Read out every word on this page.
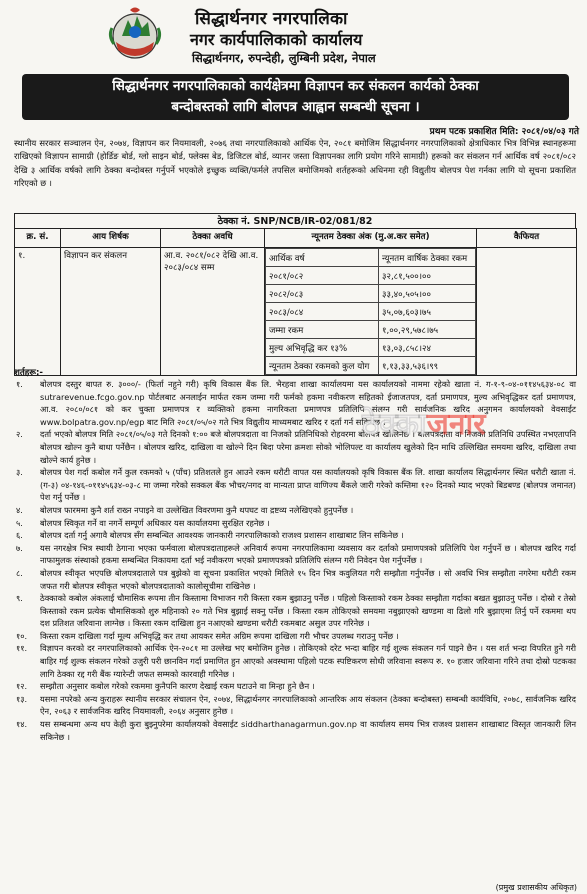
सिद्धार्थनगर नगरपालिका
नगर कार्यपालिकाको कार्यालय
सिद्धार्थनगर, रुपन्देही, लुम्बिनी प्रदेश, नेपाल
सिद्धार्थनगर नगरपालिकाको कार्यक्षेत्रमा विज्ञापन कर संकलन कार्यको ठेक्का
बन्दोबस्तको लागि बोलपत्र आह्वान सम्बन्धी सूचना ।
प्रथम पटक प्रकाशित मिति: २०८१/०४/०३ गते
स्थानीय सरकार सञ्चालन ऐन, २०७४, विज्ञापन कर नियमावली, २०७६ तथा नगरपालिकाको आर्थिक ऐन, २०८१ बमोजिम सिद्धार्थनगर नगरपालिकाको क्षेत्राधिकार भित्र विभिन्न स्थानहरूमा राखिएको विज्ञापन सामाग्री (होर्डिङ बोर्ड, ग्लो साइन बोर्ड, फ्लेक्स बेड, डिजिटल बोर्ड, व्यानर जस्ता विज्ञापनका लागि प्रयोग गरिने सामाग्री) हरूको कर संकलन गर्न आर्थिक वर्ष २०८१/०८२ देखि ३ आर्थिक वर्षको लागि ठेक्का बन्दोबस्त गर्नुपर्ने भएकोले इच्छुक व्यक्ति/फर्मले तपसिल बमोजिमको शर्तहरूको अधिनमा रही विद्युतीय बोलपत्र पेश गर्नका लागि यो सूचना प्रकाशित गरिएको छ ।
ठेक्का नं. SNP/NCB/IR-02/081/82
क्र. सं.	आय शिर्षक	ठेक्का अवधि	न्यूनतम ठेक्का अंक (मु.अ.कर समेत)	कैफियत
१.	विज्ञापन कर संकलन	आ.व. २०८१/०८२ देखि आ.व. २०८३/०८४ सम्म	
आर्थिक वर्ष	न्यूनतम वार्षिक ठेक्का रकम
२०८१/०८२	३२,८१,५००।००
२०८२/०८३	३३,४०,५०५।००
२०८३/०८४	३५,०७,६०३।७५
जम्मा रकम	१,००,२९,५७८।७५
मुल्य अभिवृद्धि कर १३%	१३,०३,८५८।२४
न्यूनतम ठेक्का रकमको कुल योग	१,१३,३३,५३६।९९

शर्तहरू:-
१.	बोलपत्र दस्तुर बापत रु. ३०००/- (फिर्ता नहुने गरी) कृषि विकास बैंक लि. भैरहवा शाखा कार्यालयमा यस कार्यालयको नाममा रहेको खाता नं. ग-१-९-०४-०११४५६३४-०८ वा sutrarevenue.fcgo.gov.np पोर्टलबाट अनलाईन मार्फत रकम जम्मा गरी फर्मको हकमा नवीकरण सहितको ईजाजतपत्र, दर्ता प्रमाणपत्र, मुल्य अभिवृद्धिकर दर्ता प्रमाणपत्र, आ.व. २०८०/०८१ को कर चुक्ता प्रमाणपत्र र व्यक्तिको हकमा नागरिकता प्रमाणपत्र प्रतिलिपि संलग्न गरी सार्वजनिक खरिद अनुगमन कार्यालयको वेवसाईट www.bolpatra.gov.np/egp बाट मिति २०८१/०५/०२ गते भित्र विद्युतीय माध्यमबाट खरिद र दर्ता गर्न सकिनेछ ।
२.	दर्ता भएको बोलपत्र मिति २०८१/०५/०३ गते दिनको १:०० बजे बोलपत्रदाता वा निजको प्रतिनिधिको रोहवरमा बोलपत्र खोलिनेछ । बोलपत्रदाता वा निजको प्रतिनिधि उपस्थित नभएतापनि बोलपत्र खोल्न कुनै बाधा पर्नेछैन । बोलपत्र खरिद, दाखिला वा खोल्ने दिन बिदा परेमा क्रमशः सोको भोलिपल्ट वा कार्यालय खुलेको दिन माथि उल्लिखित समयमा खरिद, दाखिला तथा खोल्ने कार्य हुनेछ ।
३.	बोलपत्र पेश गर्दा कबोल गर्ने कुल रकमको ५ (पाँच) प्रतिशतले हुन आउने रकम धरौटी वापत यस कार्यालयको कृषि विकास बैंक लि. शाखा कार्यालय सिद्धार्थनगर स्थित धरौटी खाता नं. (ग-३) ०४-१४६-०११४५६३४-०३-८ मा जम्मा गरेको सक्कल बैंक भौचर/नगद वा मान्यता प्राप्त वाणिज्य बैंकले जारी गरेको कम्तिमा १२० दिनको म्याद भएको बिडबण्ड (बोलपत्र जमानत) पेश गर्नु पर्नेछ ।
४.	बोलपत्र फारममा कुनै शर्त राख्न नपाइने वा उल्लेखित विवरणमा कुनै थपघट वा द्रष्टव्य नलेखिएको हुनुपर्नेछ ।
५.	बोलपत्र स्विकृत गर्ने वा नगर्ने सम्पूर्ण अधिकार यस कार्यालयमा सुरक्षित रहनेछ ।
६.	बोलपत्र दर्ता गर्नु अगावै बोलपत्र सँग सम्बन्धित आवश्यक जानकारी नगरपालिकाको राजश्व प्रशासन शाखाबाट लिन सकिनेछ ।
७.	यस नगरक्षेत्र भित्र स्थायी ठेगाना भएका फर्मवाला बोलपत्रदाताहरूले अनिवार्य रूपमा नगरपालिकामा व्यवसाय कर दर्ताको प्रमाणपत्रको प्रतिलिपि पेश गर्नुपर्ने छ । बोलपत्र खरिद गर्दा नाफामुलक संस्थाको हकमा सम्बन्धित निकायमा दर्ता भई नवीकरण भएको प्रमाणपत्रको प्रतिलिपि संलग्न गरी निवेदन पेश गर्नुपर्नेछ ।
८.	बोलपत्र स्वीकृत भएपछि बोलपत्रदाताले पत्र बुझेको वा सूचना प्रकाशित भएको मितिले १५ दिन भित्र कवुलियत गरी सम्झौता गर्नुपर्नेछ । सो अवधि भित्र सम्झौता नगरेमा धरौटी रकम जफत गरी बोलपत्र स्वीकृत भएको बोलपत्रदाताको कालोसूचीमा राखिनेछ ।
९.	ठेक्काको कबोल अंकलाई चौमासिक रूपमा तीन किस्तामा विभाजन गरी किस्ता रकम बुझाउनु पर्नेछ । पहिलो किस्ताको रकम ठेक्का सम्झौता गर्दाका बखत बुझाउनु पर्नेछ । दोस्रो र तेस्रो किस्ताको रकम प्रत्येक चौमासिकको शुरु महिनाको २० गते भित्र बुझाई सक्नु पर्नेछ । किस्ता रकम तोकिएको समयमा नबुझाएको खण्डमा वा ढिलो गरि बुझाएमा तिर्नु पर्ने रकममा थप दश प्रतिशत जरिवाना लाग्नेछ । किस्ता रकम दाखिला हुन नआएको खण्डमा धरौटी रकमबाट असुल उपर गरिनेछ ।
१०.	किस्ता रकम दाखिला गर्दा मूल्य अभिवृद्धि कर तथा आयकर समेत अग्रिम रूपमा दाखिला गरी भौचर उपलब्ध गराउनु पर्नेछ ।
११.	विज्ञापन करको दर नगरपालिकाको आर्थिक ऐन-२०८१ मा उल्लेख भए बमोजिम हुनेछ । तोकिएको दरेट भन्दा बाहिर गई शुल्क संकलन गर्न पाइने छैन । यस शर्त भन्दा विपरित हुने गरी बाहिर गई शुल्क संकलन गरेको उजुरी परी छानविन गर्दा प्रमाणित हुन आएको अवस्थामा पहिलो पटक स्पष्टिकरण सोधी जरिवाना स्वरूप रु. १० हजार जरिवाना गरिने तथा दोस्रो पटकका लागि ठेक्का रद्द गरी बैंक ग्यारेन्टी जफत सम्मको कारवाही गरिनेछ ।
१२.	सम्झौता अनुसार कबोल गरेको रकममा कुनैपनि कारण देखाई रकम घटाउने वा मिन्हा हुने छैन ।
१३.	यसमा नपरेको अन्य कुराहरू स्थानीय सरकार संचालन ऐन, २०७४, सिद्धार्थनगर नगरपालिकाको आन्तरिक आय संकलन (ठेक्का बन्दोबस्त) सम्बन्धी कार्यविधि, २०७८, सार्वजनिक खरिद ऐन, २०६३ र सार्वजनिक खरिद नियमावली, २०६४ अनुसार हुनेछ ।
१४.	यस सम्बन्धमा अन्य थप केही कुरा बुझ्नुपरेमा कार्यालयको वेवसाईट siddharthanagarmun.gov.np वा कार्यालय समय भित्र राजश्व प्रशासन शाखाबाट विस्तृत जानकारी लिन सकिनेछ ।
ठेक्काजनार
(प्रमुख प्रशासकीय अधिकृत)
